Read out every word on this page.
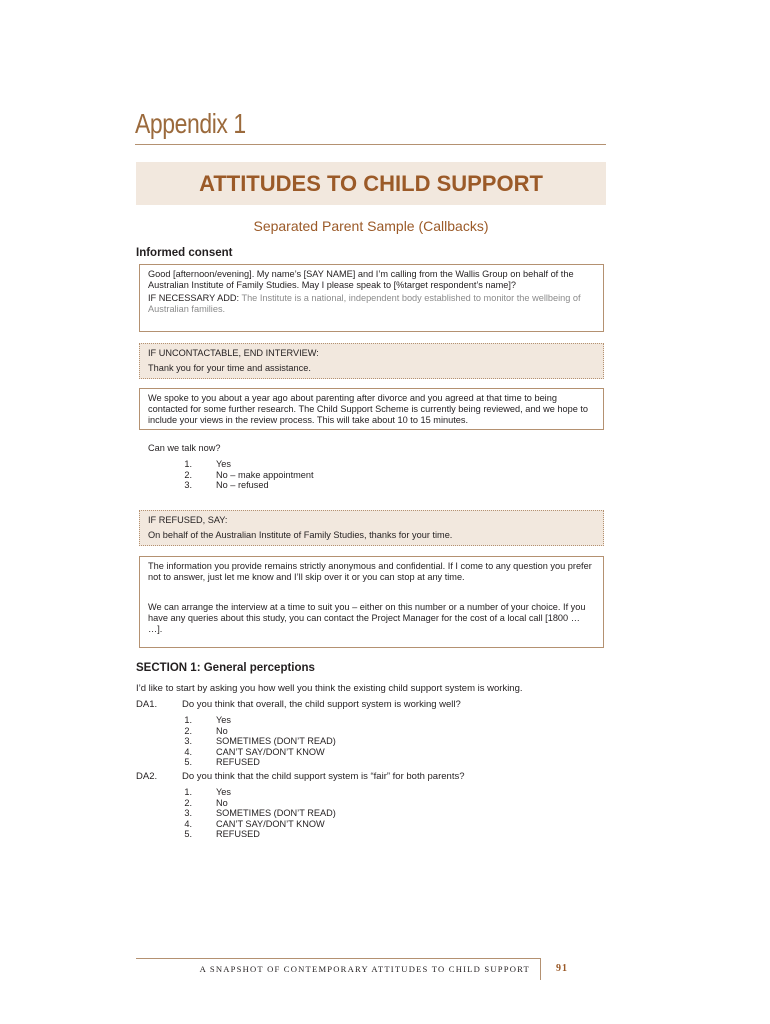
Appendix 1
ATTITUDES TO CHILD SUPPORT
Separated Parent Sample (Callbacks)
Informed consent

Good [afternoon/evening]. My name’s [SAY NAME] and I’m calling from the Wallis Group on behalf of the Australian Institute of Family Studies. May I please speak to [%target respondent’s name]?

IF NECESSARY ADD: The Institute is a national, independent body established to monitor the wellbeing of Australian families.

IF UNCONTACTABLE, END INTERVIEW:

Thank you for your time and assistance.

We spoke to you about a year ago about parenting after divorce and you agreed at that time to being contacted for some further research. The Child Support Scheme is currently being reviewed, and we hope to include your views in the review process. This will take about 10 to 15 minutes.

Can we talk now?
1.	Yes
2.	No – make appointment
3.	No – refused

IF REFUSED, SAY:

On behalf of the Australian Institute of Family Studies, thanks for your time.

The information you provide remains strictly anonymous and confidential. If I come to any question you prefer not to answer, just let me know and I’ll skip over it or you can stop at any time.

We can arrange the interview at a time to suit you – either on this number or a number of your choice. If you have any queries about this study, you can contact the Project Manager for the cost of a local call [1800 … …].

SECTION 1: General perceptions
I’d like to start by asking you how well you think the existing child support system is working.
DA1.	Do you think that overall, the child support system is working well?
1.	Yes
2.	No
3.	SOMETIMES (DON’T READ)
4.	CAN’T SAY/DON’T KNOW
5.	REFUSED
DA2.	Do you think that the child support system is “fair” for both parents?
1.	Yes
2.	No
3.	SOMETIMES (DON’T READ)
4.	CAN’T SAY/DON’T KNOW
5.	REFUSED
A SNAPSHOT OF CONTEMPORARY ATTITUDES TO CHILD SUPPORT	91
